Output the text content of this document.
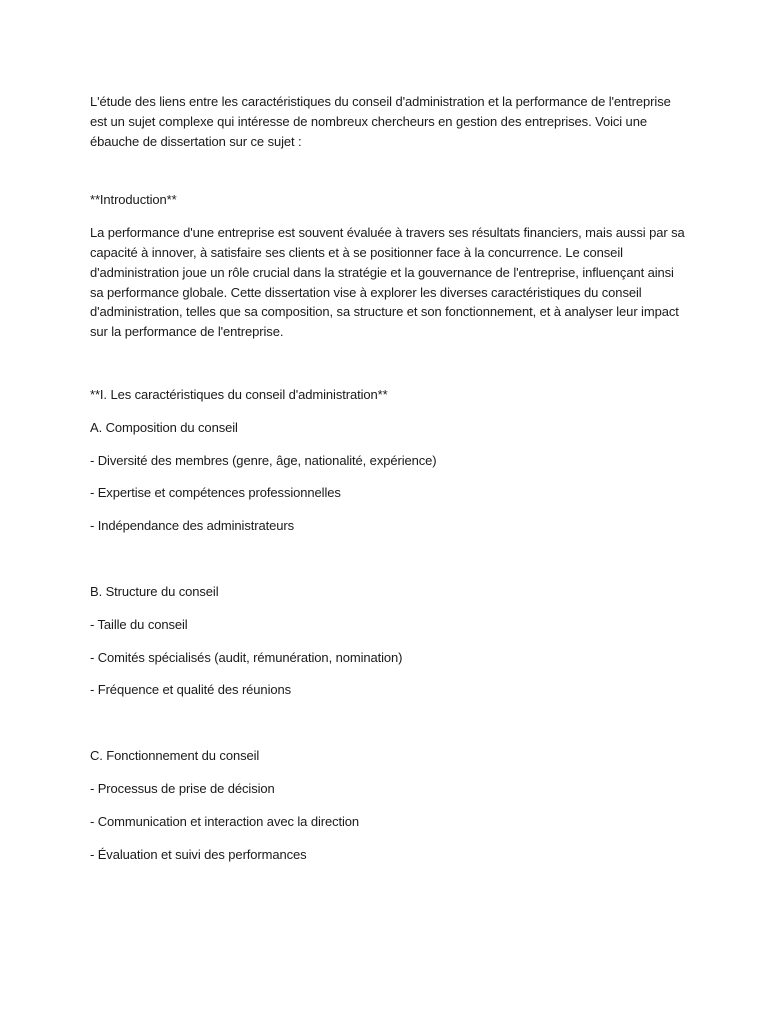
L'étude des liens entre les caractéristiques du conseil d'administration et la performance de l'entreprise est un sujet complexe qui intéresse de nombreux chercheurs en gestion des entreprises. Voici une ébauche de dissertation sur ce sujet :

**Introduction**

La performance d'une entreprise est souvent évaluée à travers ses résultats financiers, mais aussi par sa capacité à innover, à satisfaire ses clients et à se positionner face à la concurrence. Le conseil d'administration joue un rôle crucial dans la stratégie et la gouvernance de l'entreprise, influençant ainsi sa performance globale. Cette dissertation vise à explorer les diverses caractéristiques du conseil d'administration, telles que sa composition, sa structure et son fonctionnement, et à analyser leur impact sur la performance de l'entreprise.

**I. Les caractéristiques du conseil d'administration**

A. Composition du conseil

- Diversité des membres (genre, âge, nationalité, expérience)

- Expertise et compétences professionnelles

- Indépendance des administrateurs

B. Structure du conseil

- Taille du conseil

- Comités spécialisés (audit, rémunération, nomination)

- Fréquence et qualité des réunions

C. Fonctionnement du conseil

- Processus de prise de décision

- Communication et interaction avec la direction

- Évaluation et suivi des performances
